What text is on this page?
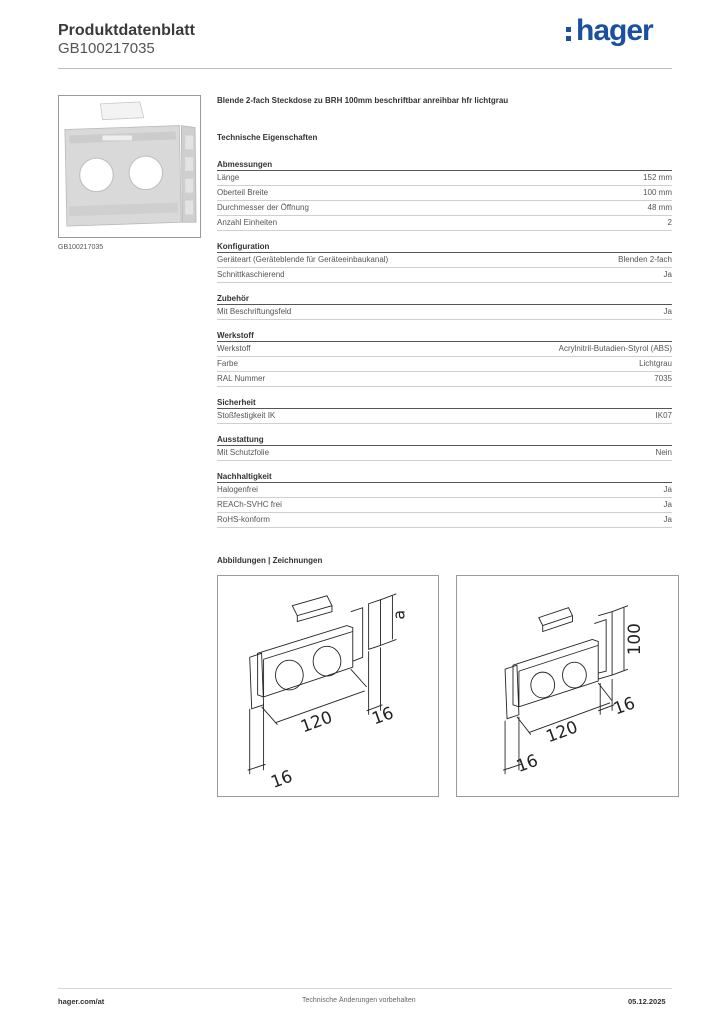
Produktdatenblatt
GB100217035
hager
GB100217035
Blende 2-fach Steckdose zu BRH 100mm beschriftbar anreihbar hfr lichtgrau
Technische Eigenschaften
Abmessungen
Länge	152 mm
Oberteil Breite	100 mm
Durchmesser der Öffnung	48 mm
Anzahl Einheiten	2
Konfiguration
Geräteart (Geräteblende für Geräteeinbaukanal)	Blenden 2-fach
Schnittkaschierend	Ja
Zubehör
Mit Beschriftungsfeld	Ja
Werkstoff
Werkstoff	Acrylnitril-Butadien-Styrol (ABS)
Farbe	Lichtgrau
RAL Nummer	7035
Sicherheit
Stoßfestigkeit IK	IK07
Ausstattung
Mit Schutzfolie	Nein
Nachhaltigkeit
Halogenfrei	Ja
REACh-SVHC frei	Ja
RoHS-konform	Ja
Abbildungen | Zeichnungen
a
120 16
16
100
120
16
16
hager.com/at	Technische Änderungen vorbehalten	05.12.2025
